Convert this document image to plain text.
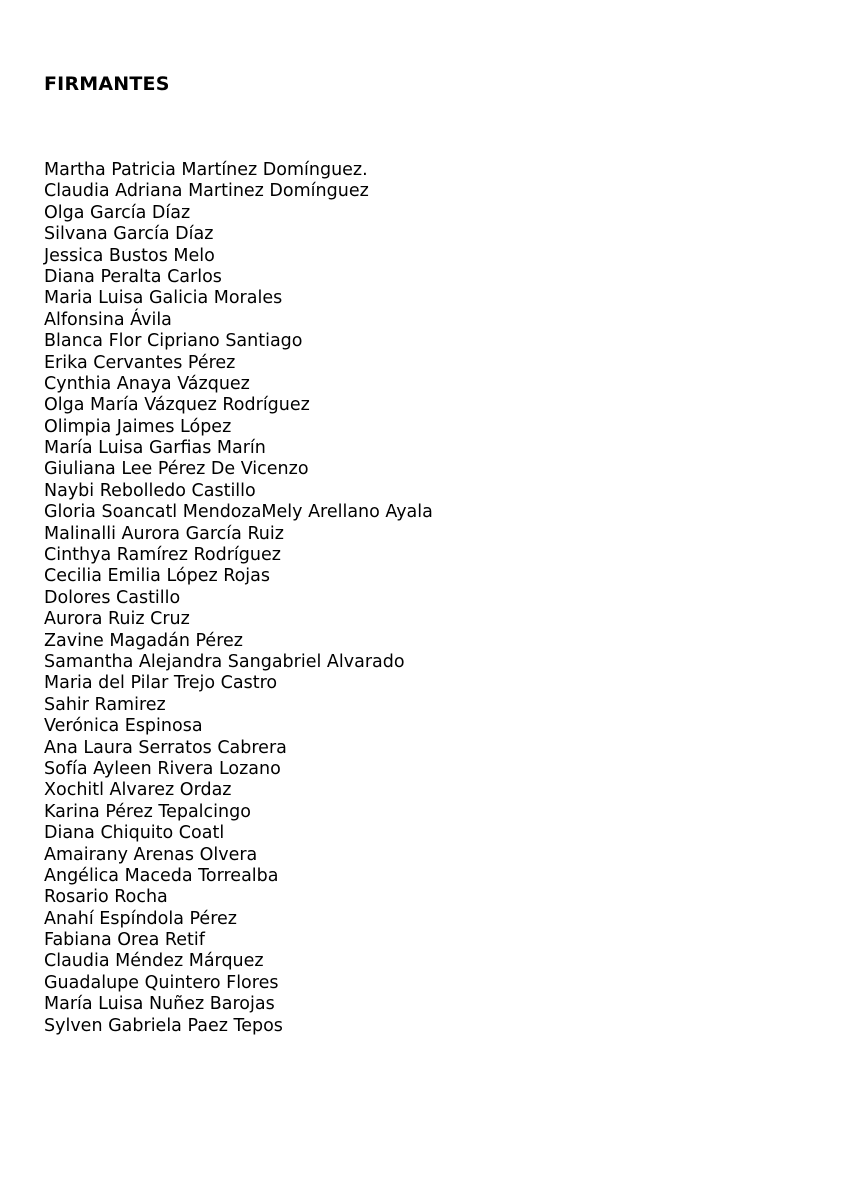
FIRMANTES
Martha Patricia Martínez Domínguez.
Claudia Adriana Martinez Domínguez
Olga García Díaz
Silvana García Díaz
Jessica Bustos Melo
Diana Peralta Carlos
Maria Luisa Galicia Morales
Alfonsina Ávila
Blanca Flor Cipriano Santiago
Erika Cervantes Pérez
Cynthia Anaya Vázquez
Olga María Vázquez Rodríguez
Olimpia Jaimes López
María Luisa Garfias Marín
Giuliana Lee Pérez De Vicenzo
Naybi Rebolledo Castillo
Gloria Soancatl MendozaMely Arellano Ayala
Malinalli Aurora García Ruiz
Cinthya Ramírez Rodríguez
Cecilia Emilia López Rojas
Dolores Castillo
Aurora Ruiz Cruz
Zavine Magadán Pérez
Samantha Alejandra Sangabriel Alvarado
Maria del Pilar Trejo Castro
Sahir Ramirez
Verónica Espinosa
Ana Laura Serratos Cabrera
Sofía Ayleen Rivera Lozano
Xochitl Alvarez Ordaz
Karina Pérez Tepalcingo
Diana Chiquito Coatl
Amairany Arenas Olvera
Angélica Maceda Torrealba
Rosario Rocha
Anahí Espíndola Pérez
Fabiana Orea Retif
Claudia Méndez Márquez
Guadalupe Quintero Flores
María Luisa Nuñez Barojas
Sylven Gabriela Paez Tepos
